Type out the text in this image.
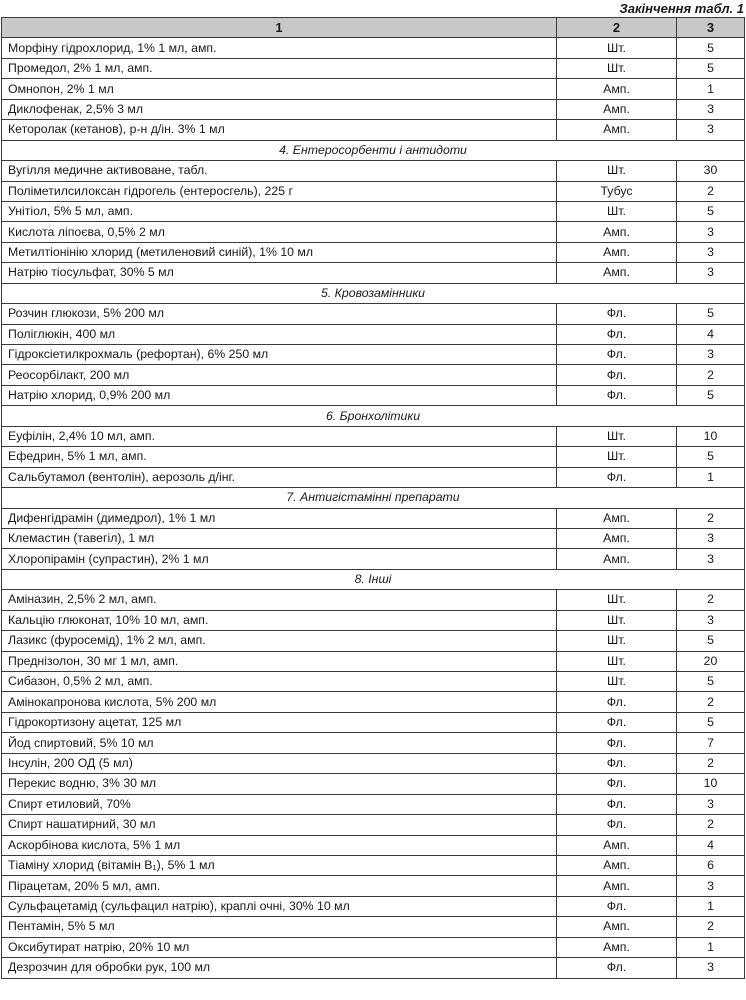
Закінчення табл. 1
1	2	3
Морфіну гідрохлорид, 1% 1 мл, амп.	Шт.	5
Промедол, 2% 1 мл, амп.	Шт.	5
Омнопон, 2% 1 мл	Амп.	1
Диклофенак, 2,5% 3 мл	Амп.	3
Кеторолак (кетанов), р-н д/ін. 3% 1 мл	Амп.	3
4. Ентеросорбенти і антидоти		
Вугілля медичне активоване, табл.	Шт.	30
Поліметилсилоксан гідрогель (ентеросгель), 225 г	Тубус	2
Унітіол, 5% 5 мл, амп.	Шт.	5
Кислота ліпоєва, 0,5% 2 мл	Амп.	3
Метилтіонінію хлорид (метиленовий синій), 1% 10 мл	Амп.	3
Натрію тіосульфат, 30% 5 мл	Амп.	3
5. Кровозамінники		
Розчин глюкози, 5% 200 мл	Фл.	5
Поліглюкін, 400 мл	Фл.	4
Гідроксіетилкрохмаль (рефортан), 6% 250 мл	Фл.	3
Реосорбілакт, 200 мл	Фл.	2
Натрію хлорид, 0,9% 200 мл	Фл.	5
6. Бронхолітики		
Еуфілін, 2,4% 10 мл, амп.	Шт.	10
Ефедрин, 5% 1 мл, амп.	Шт.	5
Сальбутамол (вентолін), аерозоль д/інг.	Фл.	1
7. Антигістамінні препарати		
Дифенгідрамін (димедрол), 1% 1 мл	Амп.	2
Клемастин (тавегіл), 1 мл	Амп.	3
Хлоропірамін (супрастин), 2% 1 мл	Амп.	3
8. Інші		
Аміназин, 2,5% 2 мл, амп.	Шт.	2
Кальцію глюконат, 10% 10 мл, амп.	Шт.	3
Лазикс (фуросемід), 1% 2 мл, амп.	Шт.	5
Преднізолон, 30 мг 1 мл, амп.	Шт.	20
Сибазон, 0,5% 2 мл, амп.	Шт.	5
Амінокапронова кислота, 5% 200 мл	Фл.	2
Гідрокортизону ацетат, 125 мл	Фл.	5
Йод спиртовий, 5% 10 мл	Фл.	7
Інсулін, 200 ОД (5 мл)	Фл.	2
Перекис водню, 3% 30 мл	Фл.	10
Спирт етиловий, 70%	Фл.	3
Спирт нашатирний, 30 мл	Фл.	2
Аскорбінова кислота, 5% 1 мл	Амп.	4
Тіаміну хлорид (вітамін B₁), 5% 1 мл	Амп.	6
Пірацетам, 20% 5 мл, амп.	Амп.	3
Сульфацетамід (сульфацил натрію), краплі очні, 30% 10 мл	Фл.	1
Пентамін, 5% 5 мл	Амп.	2
Оксибутират натрію, 20% 10 мл	Амп.	1
Дезрозчин для обробки рук, 100 мл	Фл.	3
